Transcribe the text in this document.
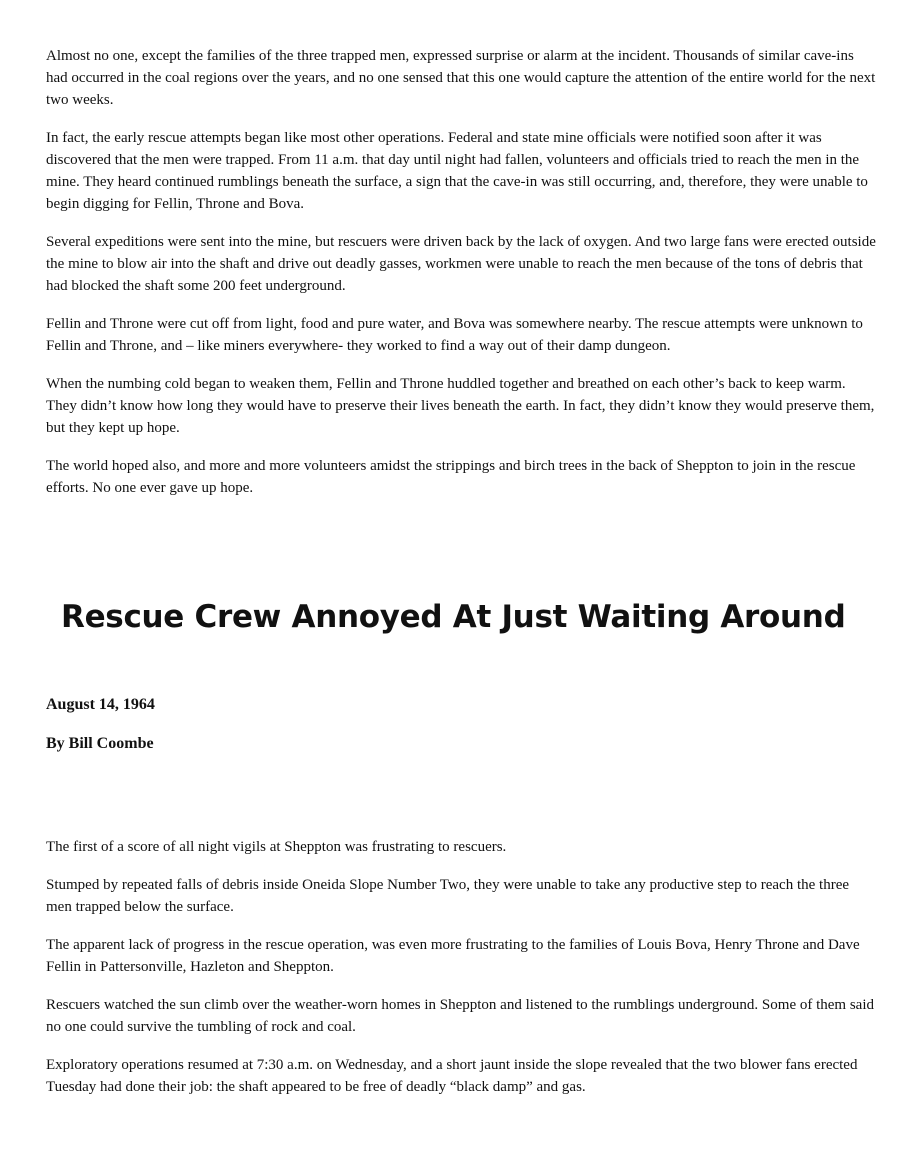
Almost no one, except the families of the three trapped men, expressed surprise or alarm at the incident. Thousands of similar cave-ins had occurred in the coal regions over the years, and no one sensed that this one would capture the attention of the entire world for the next two weeks.

In fact, the early rescue attempts began like most other operations. Federal and state mine officials were notified soon after it was discovered that the men were trapped. From 11 a.m. that day until night had fallen, volunteers and officials tried to reach the men in the mine. They heard continued rumblings beneath the surface, a sign that the cave-in was still occurring, and, therefore, they were unable to begin digging for Fellin, Throne and Bova.

Several expeditions were sent into the mine, but rescuers were driven back by the lack of oxygen. And two large fans were erected outside the mine to blow air into the shaft and drive out deadly gasses, workmen were unable to reach the men because of the tons of debris that had blocked the shaft some 200 feet underground.

Fellin and Throne were cut off from light, food and pure water, and Bova was somewhere nearby. The rescue attempts were unknown to Fellin and Throne, and – like miners everywhere- they worked to find a way out of their damp dungeon.

When the numbing cold began to weaken them, Fellin and Throne huddled together and breathed on each other’s back to keep warm. They didn’t know how long they would have to preserve their lives beneath the earth. In fact, they didn’t know they would preserve them, but they kept up hope.

The world hoped also, and more and more volunteers amidst the strippings and birch trees in the back of Sheppton to join in the rescue efforts. No one ever gave up hope.

Rescue Crew Annoyed At Just Waiting Around

August 14, 1964

By Bill Coombe

The first of a score of all night vigils at Sheppton was frustrating to rescuers.

Stumped by repeated falls of debris inside Oneida Slope Number Two, they were unable to take any productive step to reach the three men trapped below the surface.

The apparent lack of progress in the rescue operation, was even more frustrating to the families of Louis Bova, Henry Throne and Dave Fellin in Pattersonville, Hazleton and Sheppton.

Rescuers watched the sun climb over the weather-worn homes in Sheppton and listened to the rumblings underground. Some of them said no one could survive the tumbling of rock and coal.

Exploratory operations resumed at 7:30 a.m. on Wednesday, and a short jaunt inside the slope revealed that the two blower fans erected Tuesday had done their job: the shaft appeared to be free of deadly “black damp” and gas.
